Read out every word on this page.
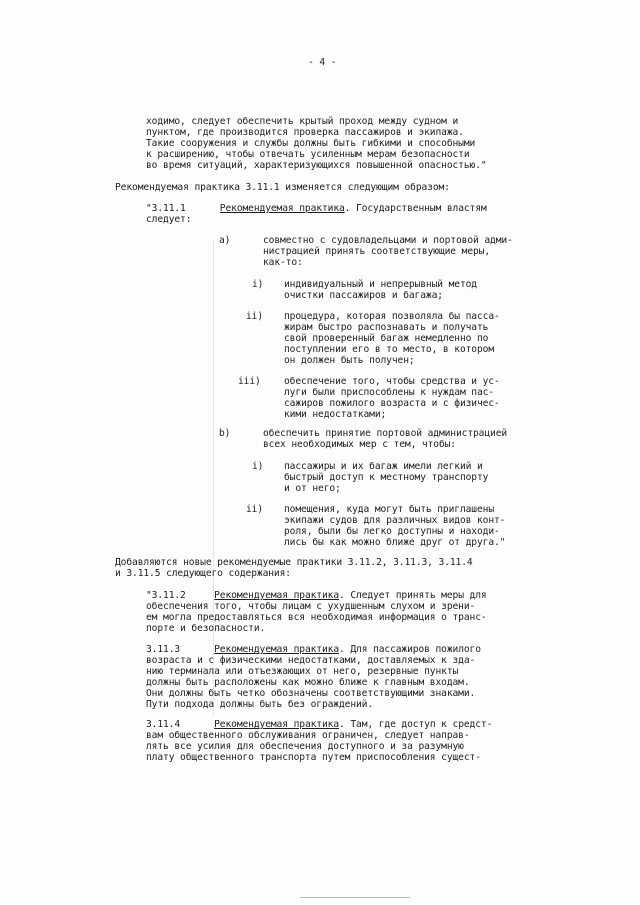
- 4 -
ходимо, следует обеспечить крытый проход между судном и
пунктом, где производится проверка пассажиров и экипажа.
Такие сооружения и службы должны быть гибкими и способными
к расширению, чтобы отвечать усиленным мерам безопасности
во время ситуаций, характеризующихся повышенной опасностью."
Рекомендуемая практика 3.11.1 изменяется следующим образом:
"3.11.1	Рекомендуемая практика. Государственным властям
следует:
a)	совместно с судовладельцами и портовой адми-
нистрацией принять соответствующие меры,
как-то:
i) индивидуальный и непрерывный метод
очистки пассажиров и багажа;
ii) процедура, которая позволяла бы пасса-
жирам быстро распознавать и получать
свой проверенный багаж немедленно по
поступлении его в то место, в котором
он должен быть получен;
iii) обеспечение того, чтобы средства и ус-
луги были приспособлены к нуждам пас-
сажиров пожилого возраста и с физичес-
кими недостатками;
b)	обеспечить принятие портовой администрацией
всех необходимых мер с тем, чтобы:
i) пассажиры и их багаж имели легкий и
быстрый доступ к местному транспорту
и от него;
ii) помещения, куда могут быть приглашены
экипажи судов для различных видов конт-
роля, были бы легко доступны и находи-
лись бы как можно ближе друг от друга."
Добавляются новые рекомендуемые практики 3.11.2, 3.11.3, 3.11.4
и 3.11.5 следующего содержания:
"3.11.2	Рекомендуемая практика. Следует принять меры для
обеспечения того, чтобы лицам с ухудшенным слухом и зрени-
ем могла предоставляться вся необходимая информация о транс-
порте и безопасности.
3.11.3	Рекомендуемая практика. Для пассажиров пожилого
возраста и с физическими недостатками, доставляемых к зда-
нию терминала или отъезжающих от него, резервные пункты
должны быть расположены как можно ближе к главным входам.
Они должны быть четко обозначены соответствующими знаками.
Пути подхода должны быть без ограждений.
3.11.4	Рекомендуемая практика. Там, где доступ к средст-
вам общественного обслуживания ограничен, следует направ-
лять все усилия для обеспечения доступного и за разумную
плату общественного транспорта путем приспособления сущест-
